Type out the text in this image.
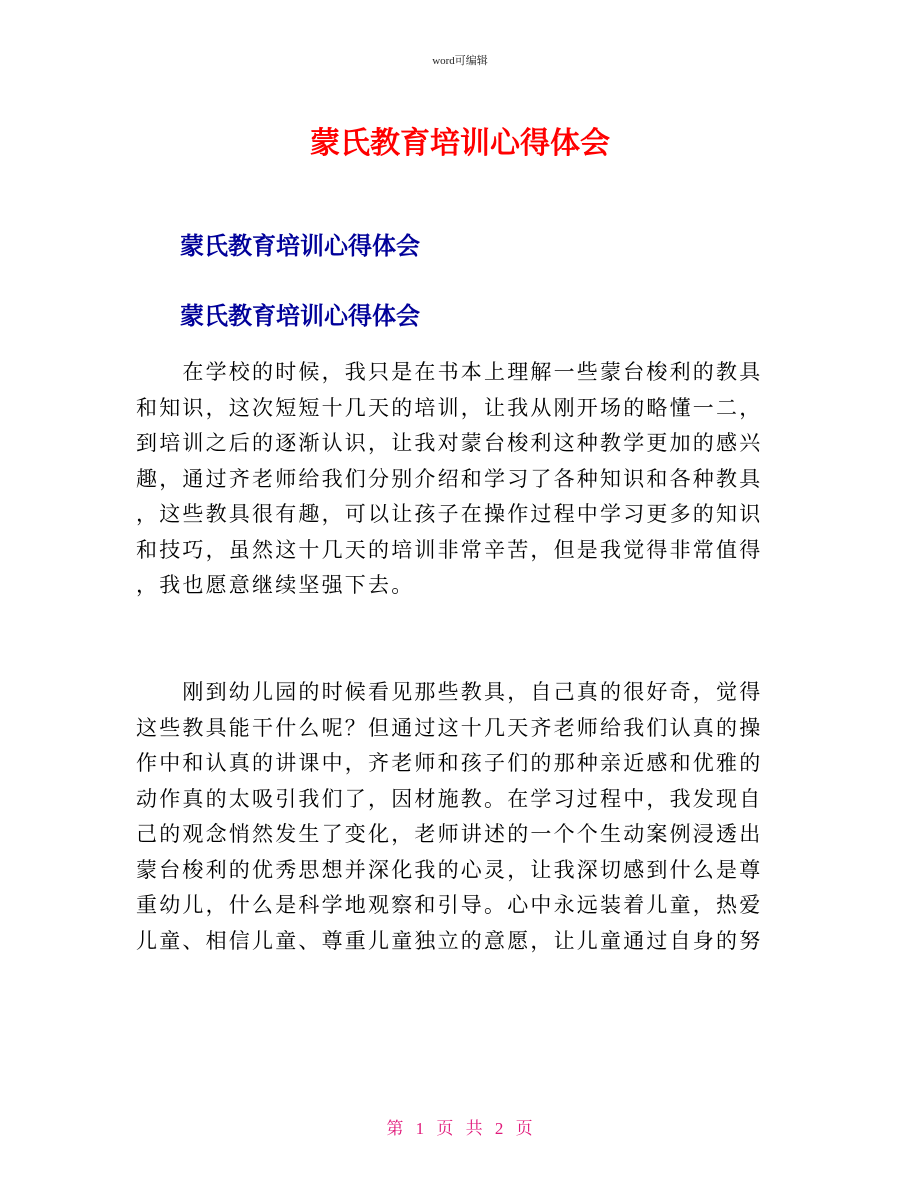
word可编辑
蒙氏教育培训心得体会
蒙氏教育培训心得体会
蒙氏教育培训心得体会
　　在学校的时候，我只是在书本上理解一些蒙台梭利的教具
和知识，这次短短十几天的培训，让我从刚开场的略懂一二，
到培训之后的逐渐认识，让我对蒙台梭利这种教学更加的感兴
趣，通过齐老师给我们分别介绍和学习了各种知识和各种教具
，这些教具很有趣，可以让孩子在操作过程中学习更多的知识
和技巧，虽然这十几天的培训非常辛苦，但是我觉得非常值得
，我也愿意继续坚强下去。
　　刚到幼儿园的时候看见那些教具，自己真的很好奇，觉得
这些教具能干什么呢？但通过这十几天齐老师给我们认真的操
作中和认真的讲课中，齐老师和孩子们的那种亲近感和优雅的
动作真的太吸引我们了，因材施教。在学习过程中，我发现自
己的观念悄然发生了变化，老师讲述的一个个生动案例浸透出
蒙台梭利的优秀思想并深化我的心灵，让我深切感到什么是尊
重幼儿，什么是科学地观察和引导。心中永远装着儿童，热爱
儿童、相信儿童、尊重儿童独立的意愿，让儿童通过自身的努
第 1 页 共 2 页
